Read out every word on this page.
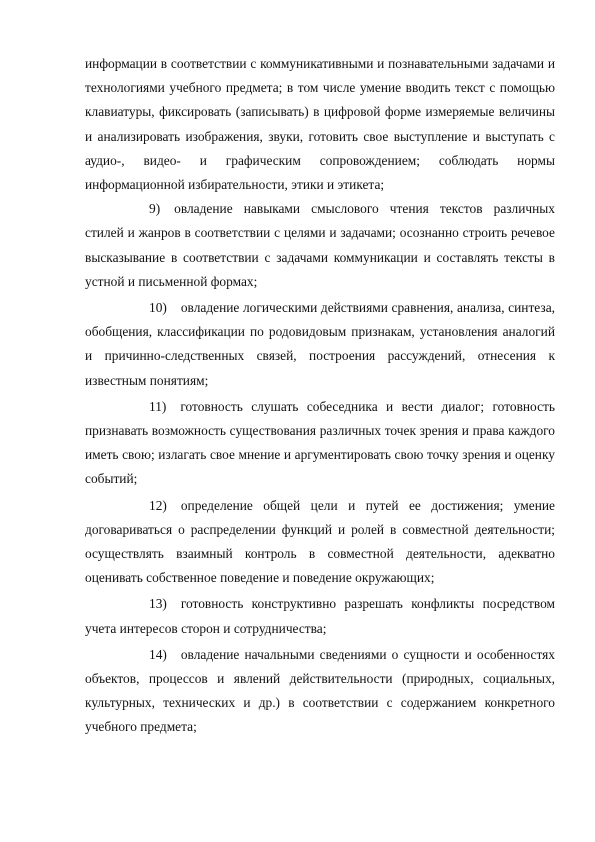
информации в соответствии с коммуникативными и познавательными задачами и технологиями учебного предмета; в том числе умение вводить текст с помощью клавиатуры, фиксировать (записывать) в цифровой форме измеряемые величины и анализировать изображения, звуки, готовить свое выступление и выступать с аудио-, видео- и графическим сопровождением; соблюдать нормы информационной избирательности, этики и этикета;

9) овладение навыками смыслового чтения текстов различных стилей и жанров в соответствии с целями и задачами; осознанно строить речевое высказывание в соответствии с задачами коммуникации и составлять тексты в устной и письменной формах;

10) овладение логическими действиями сравнения, анализа, синтеза, обобщения, классификации по родовидовым признакам, установления аналогий и причинно-следственных связей, построения рассуждений, отнесения к известным понятиям;

11) готовность слушать собеседника и вести диалог; готовность признавать возможность существования различных точек зрения и права каждого иметь свою; излагать свое мнение и аргументировать свою точку зрения и оценку событий;

12) определение общей цели и путей ее достижения; умение договариваться о распределении функций и ролей в совместной деятельности; осуществлять взаимный контроль в совместной деятельности, адекватно оценивать собственное поведение и поведение окружающих;

13) готовность конструктивно разрешать конфликты посредством учета интересов сторон и сотрудничества;

14) овладение начальными сведениями о сущности и особенностях объектов, процессов и явлений действительности (природных, социальных, культурных, технических и др.) в соответствии с содержанием конкретного учебного предмета;
